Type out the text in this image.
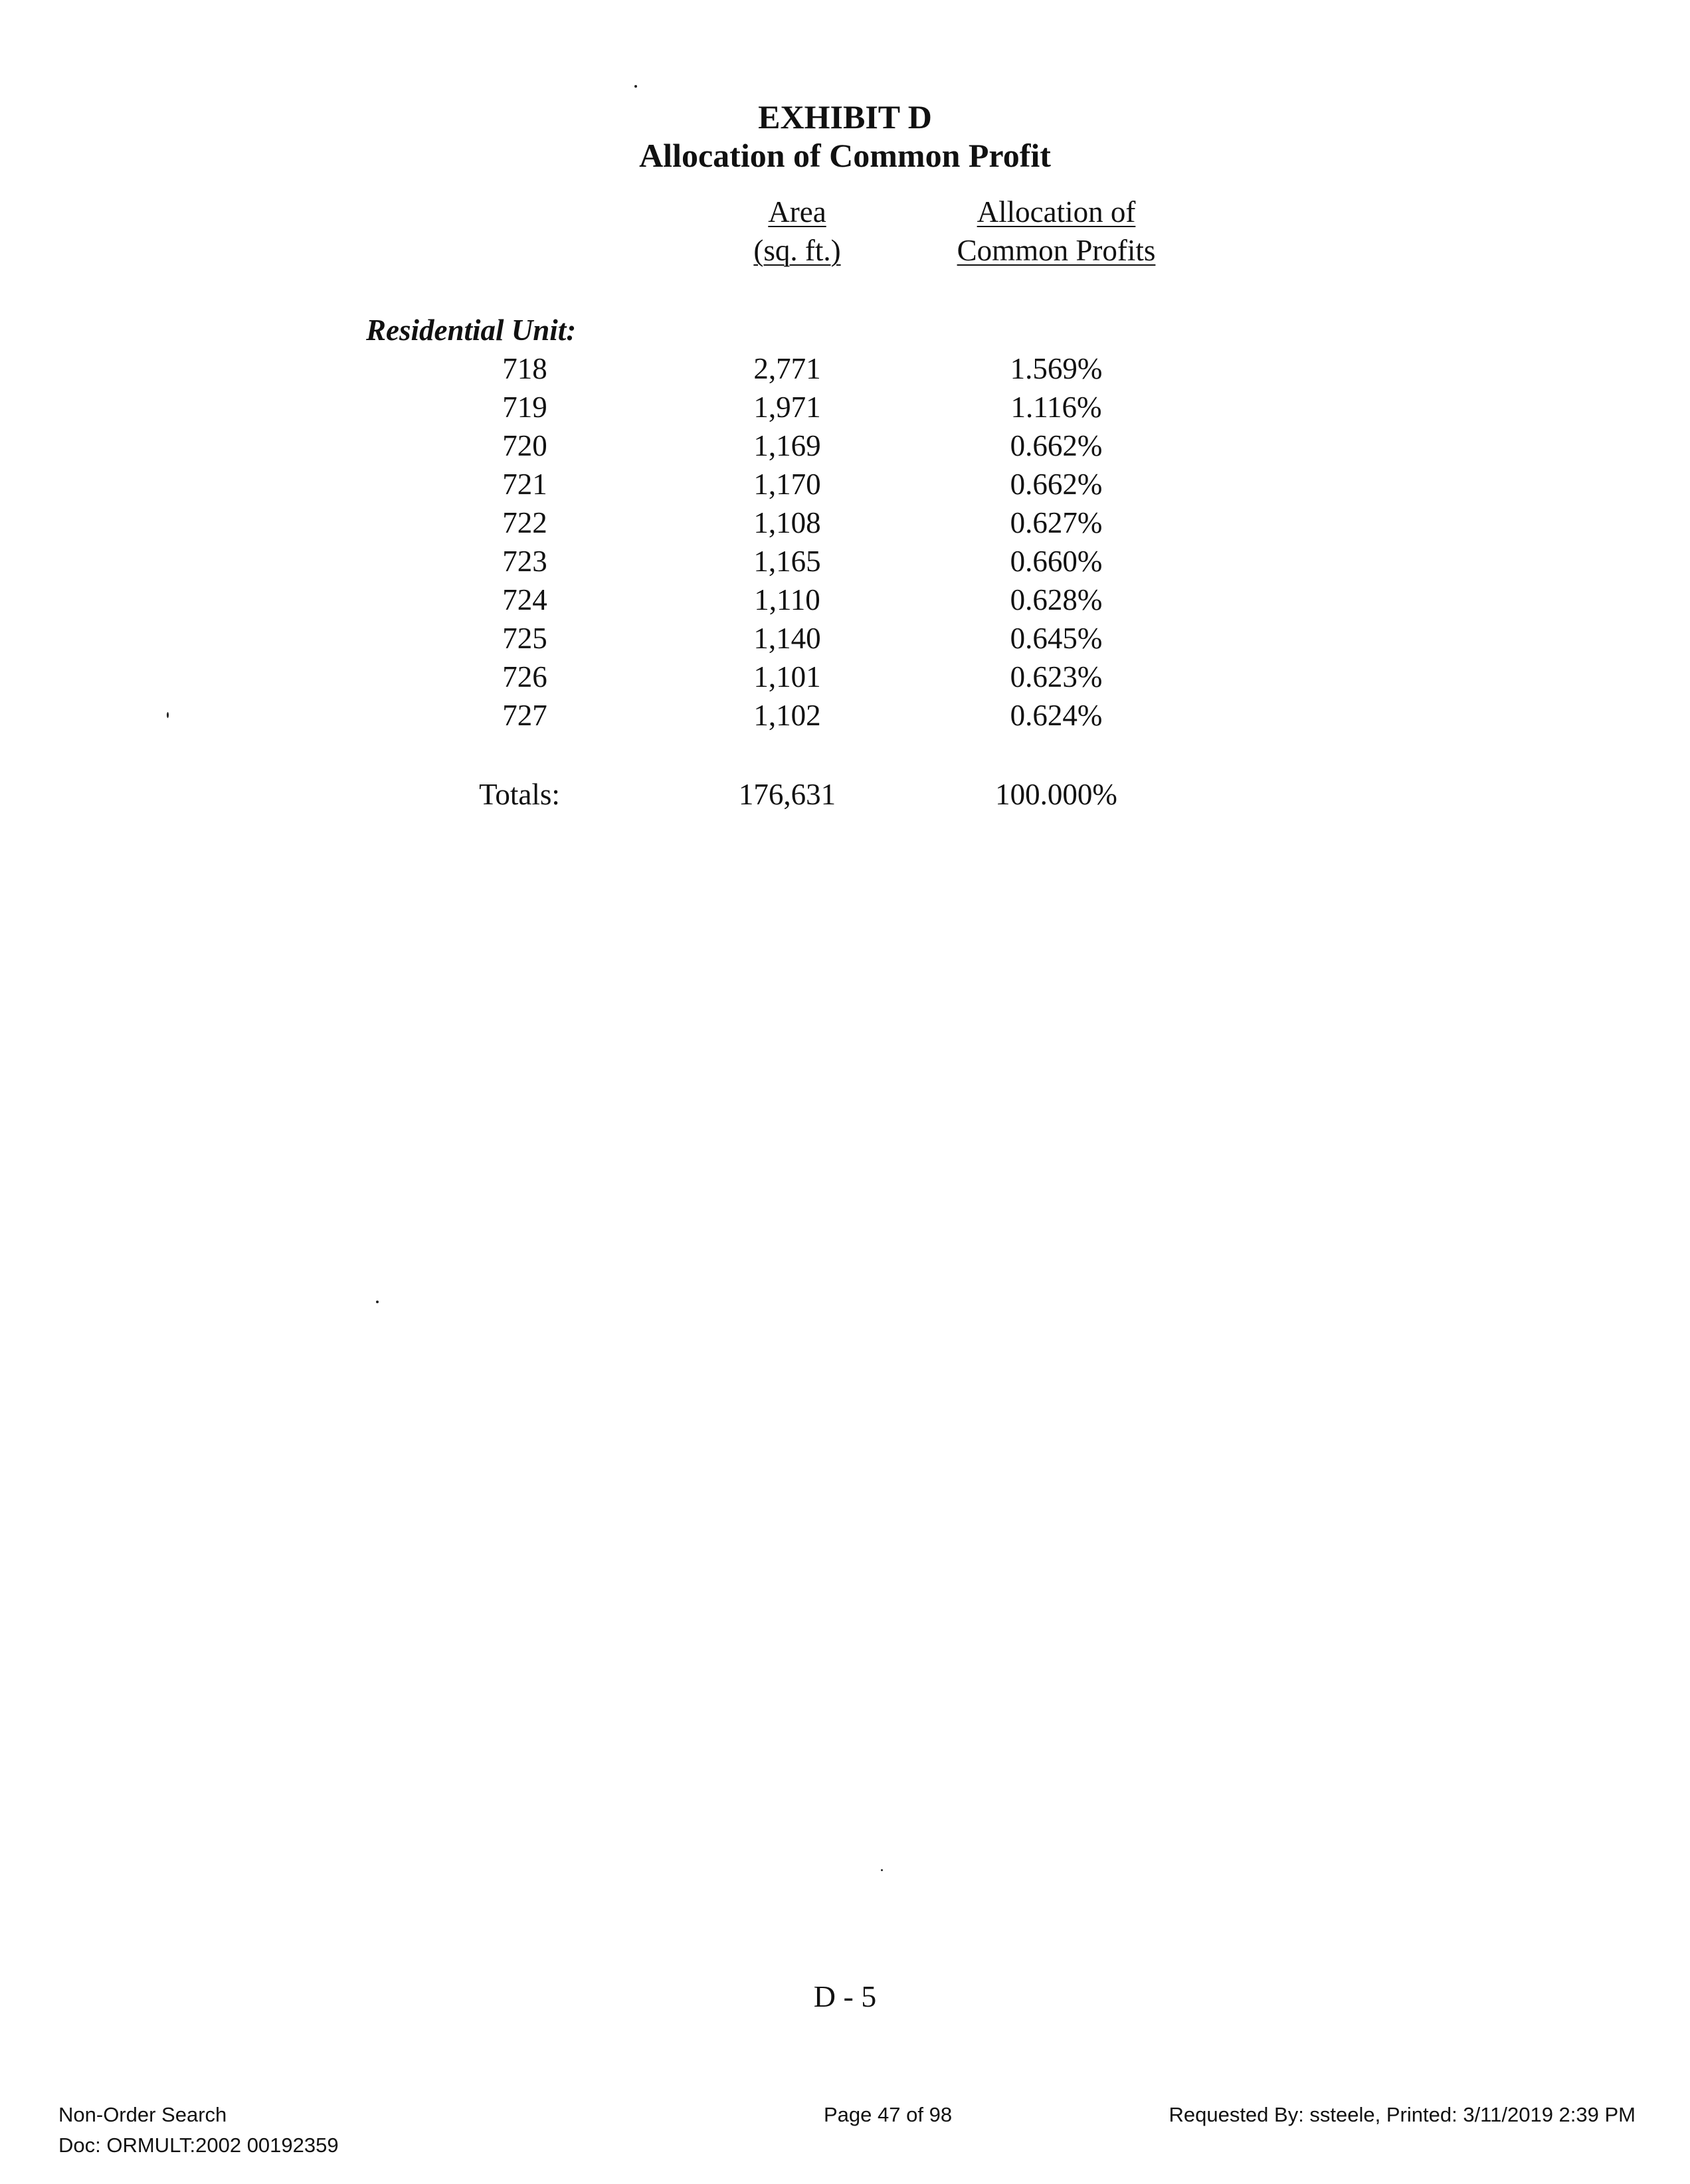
EXHIBIT D
Allocation of Common Profit
Area
(sq. ft.)
Allocation of
Common Profits
Residential Unit:
718	2,771	1.569%
719	1,971	1.116%
720	1,169	0.662%
721	1,170	0.662%
722	1,108	0.627%
723	1,165	0.660%
724	1,110	0.628%
725	1,140	0.645%
726	1,101	0.623%
727	1,102	0.624%
Totals:	176,631	100.000%
D - 5
Non-Order Search
Doc: ORMULT:2002 00192359
Page 47 of 98	Requested By: ssteele, Printed: 3/11/2019 2:39 PM
